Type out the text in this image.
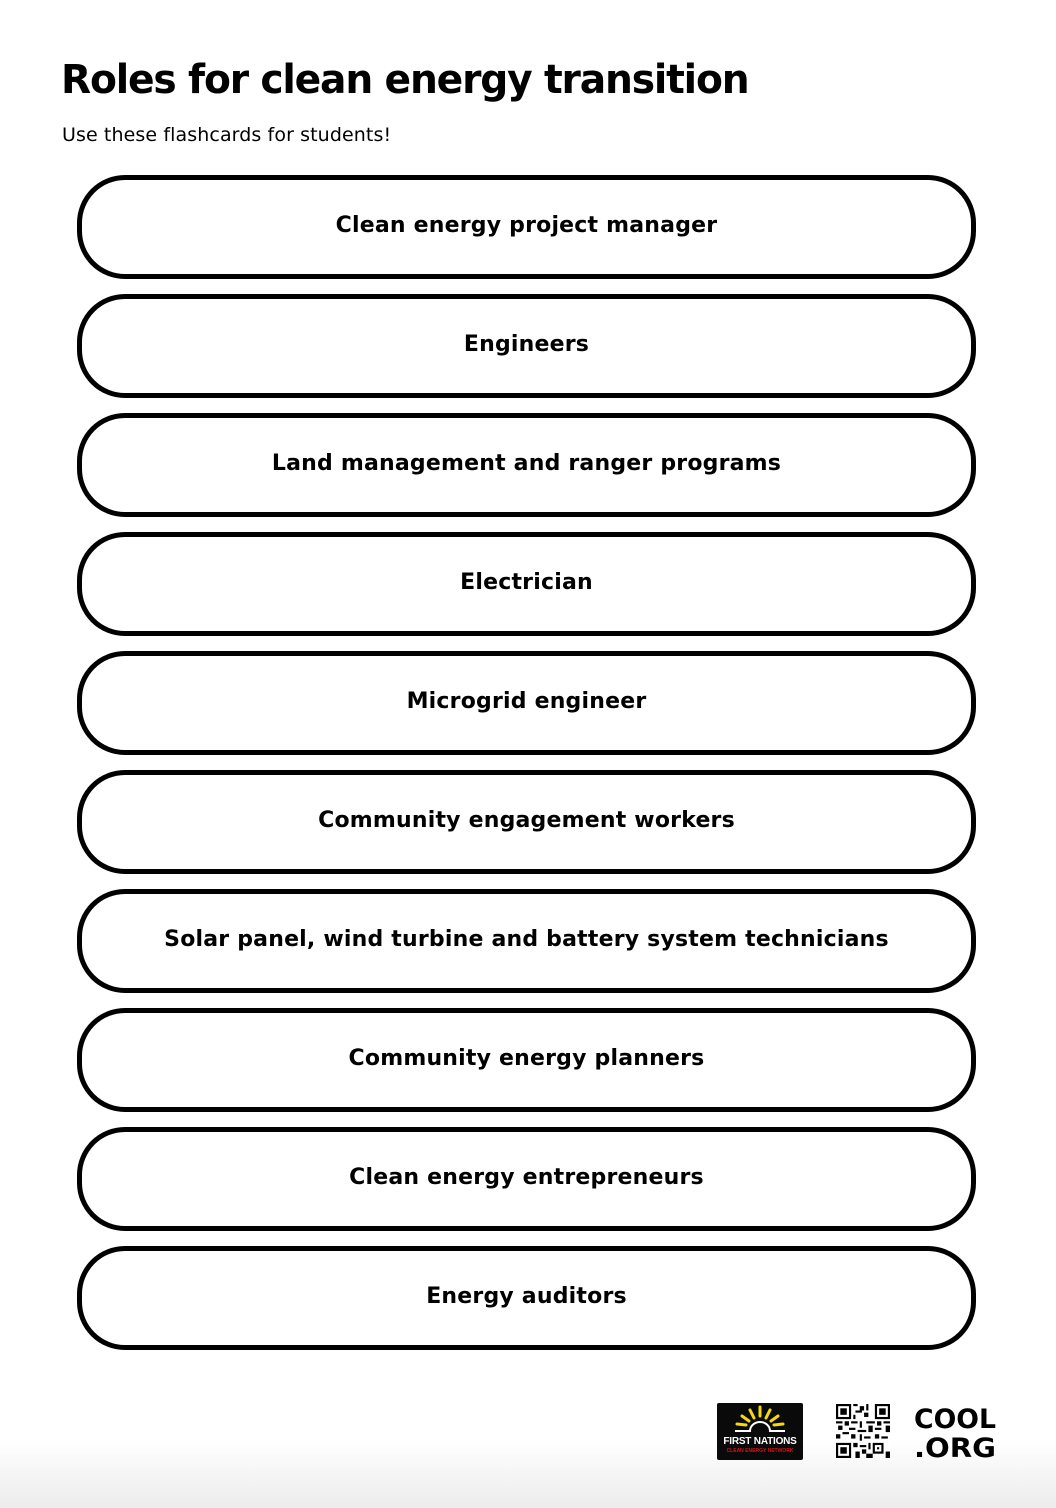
Roles for clean energy transition

Use these flashcards for students!

Clean energy project manager
Engineers
Land management and ranger programs
Electrician
Microgrid engineer
Community engagement workers
Solar panel, wind turbine and battery system technicians
Community energy planners
Clean energy entrepreneurs
Energy auditors
FIRST NATIONS
CLEAN ENERGY NETWORK
COOL
.ORG
